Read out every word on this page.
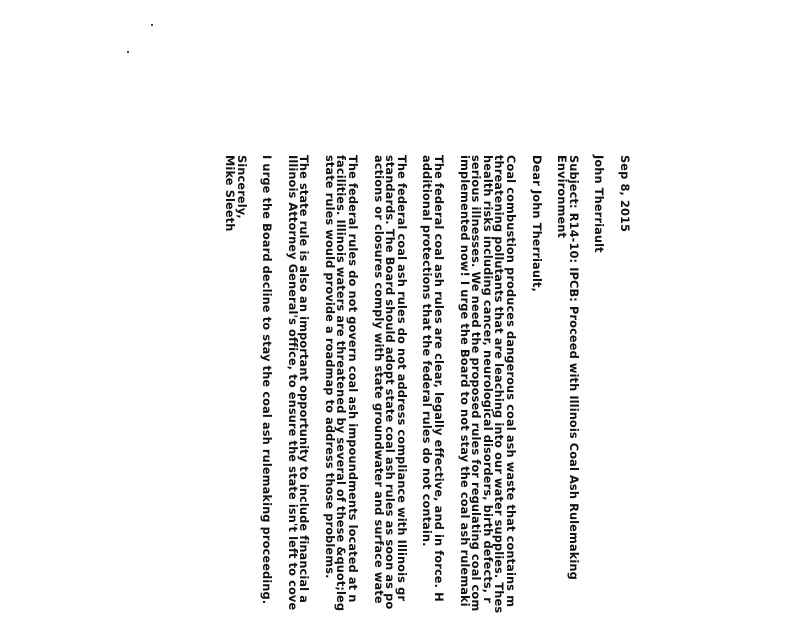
Sep 8, 2015
John Therriault
Subject: R14-10: IPCB: Proceed with Illinois Coal Ash Rulemaking
Environment
Dear John Therriault,
Coal combustion produces dangerous coal ash waste that contains m
threatening pollutants that are leaching into our water supplies. Thes
health risks including cancer, neurological disorders, birth defects, r
serious illnesses. We need the proposed rules for regulating coal com
implemented now! I urge the Board to not stay the coal ash rulemaki
The federal coal ash rules are clear, legally effective, and in force. H
additional protections that the federal rules do not contain.
The federal coal ash rules do not address compliance with Illinois gr
standards. The Board should adopt state coal ash rules as soon as po
actions or closures comply with state groundwater and surface wate
The federal rules do not govern coal ash impoundments located at n
facilities. Illinois waters are threatened by several of these &quot;leg
state rules would provide a roadmap to address those problems.
The state rule is also an important opportunity to include financial a
Illinois Attorney General's office, to ensure the state isn't left to cove
I urge the Board decline to stay the coal ash rulemaking proceeding.
Sincerely,
Mike Sleeth
